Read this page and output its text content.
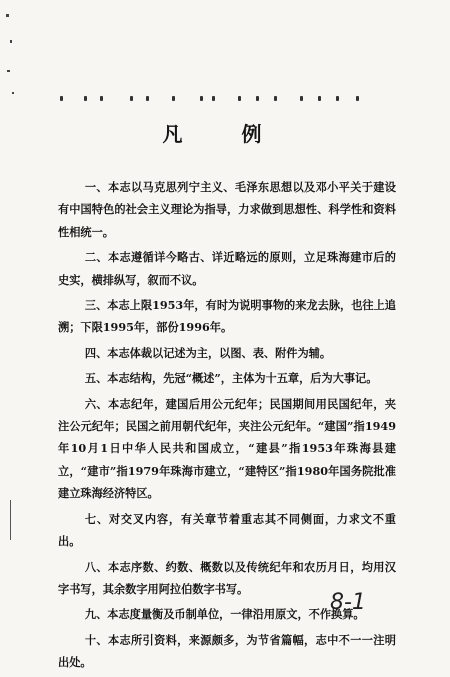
凡 例

一、本志以马克思列宁主义、毛泽东思想以及邓小平关于建设有中国特色的社会主义理论为指导，力求做到思想性、科学性和资料性相统一。

二、本志遵循详今略古、详近略远的原则，立足珠海建市后的史实，横排纵写，叙而不议。

三、本志上限1953年，有时为说明事物的来龙去脉，也往上追溯；下限1995年，部份1996年。

四、本志体裁以记述为主，以图、表、附件为辅。

五、本志结构，先冠“概述”，主体为十五章，后为大事记。

六、本志纪年，建国后用公元纪年；民国期间用民国纪年，夹注公元纪年；民国之前用朝代纪年，夹注公元纪年。“建国”指1949年10月1日中华人民共和国成立，“建县”指1953年珠海县建立，“建市”指1979年珠海市建立，“建特区”指1980年国务院批准建立珠海经济特区。

七、对交叉内容，有关章节着重志其不同侧面，力求文不重出。

八、本志序数、约数、概数以及传统纪年和农历月日，均用汉字书写，其余数字用阿拉伯数字书写。

九、本志度量衡及币制单位，一律沿用原文，不作换算。

十、本志所引资料，来源颇多，为节省篇幅，志中不一一注明出处。

8-1
